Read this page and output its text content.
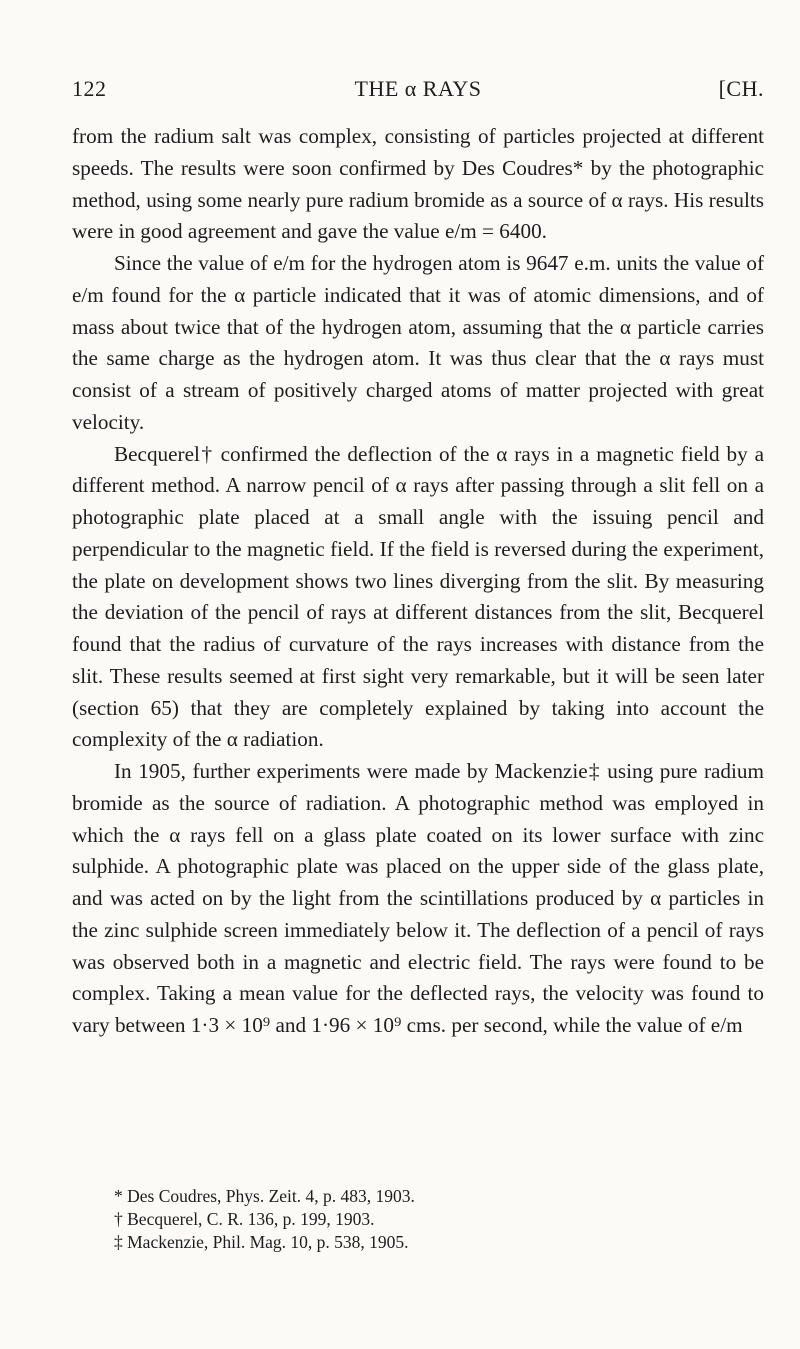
122	THE α RAYS	[CH.

from the radium salt was complex, consisting of particles projected at different speeds. The results were soon confirmed by Des Coudres* by the photographic method, using some nearly pure radium bromide as a source of α rays. His results were in good agreement and gave the value e/m = 6400.

Since the value of e/m for the hydrogen atom is 9647 e.m. units the value of e/m found for the α particle indicated that it was of atomic dimensions, and of mass about twice that of the hydrogen atom, assuming that the α particle carries the same charge as the hydrogen atom. It was thus clear that the α rays must consist of a stream of positively charged atoms of matter projected with great velocity.

Becquerel† confirmed the deflection of the α rays in a magnetic field by a different method. A narrow pencil of α rays after passing through a slit fell on a photographic plate placed at a small angle with the issuing pencil and perpendicular to the magnetic field. If the field is reversed during the experiment, the plate on development shows two lines diverging from the slit. By measuring the deviation of the pencil of rays at different distances from the slit, Becquerel found that the radius of curvature of the rays increases with distance from the slit. These results seemed at first sight very remarkable, but it will be seen later (section 65) that they are completely explained by taking into account the complexity of the α radiation.

In 1905, further experiments were made by Mackenzie‡ using pure radium bromide as the source of radiation. A photographic method was employed in which the α rays fell on a glass plate coated on its lower surface with zinc sulphide. A photographic plate was placed on the upper side of the glass plate, and was acted on by the light from the scintillations produced by α particles in the zinc sulphide screen immediately below it. The deflection of a pencil of rays was observed both in a magnetic and electric field. The rays were found to be complex. Taking a mean value for the deflected rays, the velocity was found to vary between 1·3 × 10⁹ and 1·96 × 10⁹ cms. per second, while the value of e/m

* Des Coudres, Phys. Zeit. 4, p. 483, 1903.

† Becquerel, C. R. 136, p. 199, 1903.

‡ Mackenzie, Phil. Mag. 10, p. 538, 1905.
